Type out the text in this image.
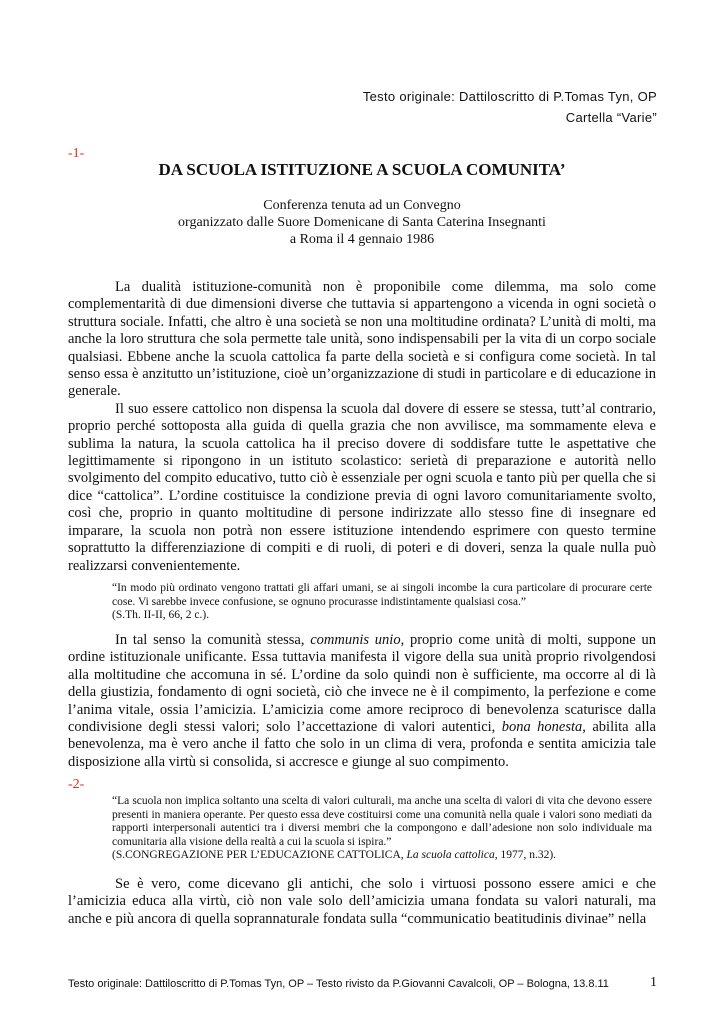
Testo originale: Dattiloscritto di P.Tomas Tyn, OP
Cartella “Varie”
-1-
DA SCUOLA ISTITUZIONE A SCUOLA COMUNITA’
Conferenza tenuta ad un Convegno
organizzato dalle Suore Domenicane di Santa Caterina Insegnanti
a Roma il 4 gennaio 1986

La dualità istituzione-comunità non è proponibile come dilemma, ma solo come complementarità di due dimensioni diverse che tuttavia si appartengono a vicenda in ogni società o struttura sociale. Infatti, che altro è una società se non una moltitudine ordinata? L’unità di molti, ma anche la loro struttura che sola permette tale unità, sono indispensabili per la vita di un corpo sociale qualsiasi. Ebbene anche la scuola cattolica fa parte della società e si configura come società. In tal senso essa è anzitutto un’istituzione, cioè un’organizzazione di studi in particolare e di educazione in generale.

Il suo essere cattolico non dispensa la scuola dal dovere di essere se stessa, tutt’al contrario, proprio perché sottoposta alla guida di quella grazia che non avvilisce, ma sommamente eleva e sublima la natura, la scuola cattolica ha il preciso dovere di soddisfare tutte le aspettative che legittimamente si ripongono in un istituto scolastico: serietà di preparazione e autorità nello svolgimento del compito educativo, tutto ciò è essenziale per ogni scuola e tanto più per quella che si dice “cattolica”. L’ordine costituisce la condizione previa di ogni lavoro comunitariamente svolto, così che, proprio in quanto moltitudine di persone indirizzate allo stesso fine di insegnare ed imparare, la scuola non potrà non essere istituzione intendendo esprimere con questo termine soprattutto la differenziazione di compiti e di ruoli, di poteri e di doveri, senza la quale nulla può realizzarsi convenientemente.

“In modo più ordinato vengono trattati gli affari umani, se ai singoli incombe la cura particolare di procurare certe cose. Vi sarebbe invece confusione, se ognuno procurasse indistintamente qualsiasi cosa.”

(S.Th. II-II, 66, 2 c.).

In tal senso la comunità stessa, communis unio, proprio come unità di molti, suppone un ordine istituzionale unificante. Essa tuttavia manifesta il vigore della sua unità proprio rivolgendosi alla moltitudine che accomuna in sé. L’ordine da solo quindi non è sufficiente, ma occorre al di là della giustizia, fondamento di ogni società, ciò che invece ne è il compimento, la perfezione e come l’anima vitale, ossia l’amicizia. L’amicizia come amore reciproco di benevolenza scaturisce dalla condivisione degli stessi valori; solo l’accettazione di valori autentici, bona honesta, abilita alla benevolenza, ma è vero anche il fatto che solo in un clima di vera, profonda e sentita amicizia tale disposizione alla virtù si consolida, si accresce e giunge al suo compimento.

-2-

“La scuola non implica soltanto una scelta di valori culturali, ma anche una scelta di valori di vita che devono essere presenti in maniera operante. Per questo essa deve costituirsi come una comunità nella quale i valori sono mediati da rapporti interpersonali autentici tra i diversi membri che la compongono e dall’adesione non solo individuale ma comunitaria alla visione della realtà a cui la scuola si ispira.”

(S.CONGREGAZIONE PER L’EDUCAZIONE CATTOLICA, La scuola cattolica, 1977, n.32).

Se è vero, come dicevano gli antichi, che solo i virtuosi possono essere amici e che l’amicizia educa alla virtù, ciò non vale solo dell’amicizia umana fondata su valori naturali, ma anche e più ancora di quella soprannaturale fondata sulla “communicatio beatitudinis divinae” nella

Testo originale: Dattiloscritto di P.Tomas Tyn, OP – Testo rivisto da P.Giovanni Cavalcoli, OP – Bologna, 13.8.11	1
